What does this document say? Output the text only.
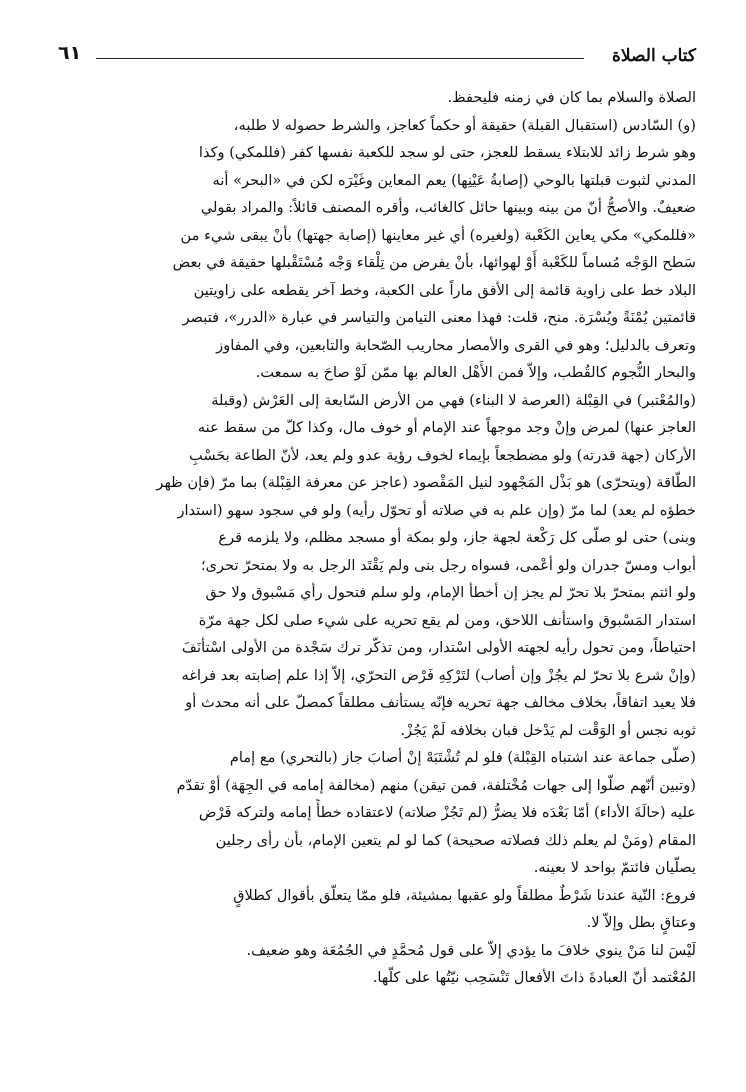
كتاب الصلاة
٦١
الصلاة والسلام بما كان في زمنه فليحفظ.
(و) السّادس (استقبال القبلة) حقيقة أو حكماً كعاجز، والشرط حصوله لا طلبه،
وهو شرط زائد للابتلاء يسقط للعجز، حتى لو سجد للكعبة نفسها كفر (فللمكي) وكذا
المدني لثبوت قبلتها بالوحي (إصابةُ عَيْنِها) يعم المعاين وغَيْرَه لكن في «البحر» أنه
ضعيفٌ. والأصحُّ أنّ من بينه وبينها حائل كالغائب، وأقره المصنف قائلاً: والمراد بقولي
«فللمكي» مكي يعاين الكَعْبة (ولغيره) أي غير معاينها (إصابة جهتها) بأنْ يبقى شيء من
سَطح الوَجْه مُساماً للكَعْبة أَوْ لهوائها، بأنْ يفرض من تِلْقاء وَجْه مُسْتَقْبلها حقيقة في بعض
البلاد خط على زاوية قائمة إلى الأفق ماراً على الكعبة، وخط آخر يقطعه على زاويتين
قائمتين يُمْنَةً ويُسْرَة. منح، قلت: فهذا معنى التيامن والتياسر في عبارة «الدرر»، فتبصر
وتعرف بالدليل؛ وهو في القرى والأمصار محاريب الصّحابة والتابعين، وفي المفاوز
والبحار النُّجوم كالقُطب، وإلاّ فمن الأَهْل العالم بها ممّن لَوْ صاحَ به سمعت.
(والمُعْتبر) في القِبْلة (العرصة لا البناء) فهي من الأرض السّابعة إلى العَرْش (وقبلة
العاجز عنها) لمرض وإنْ وجد موجهاً عند الإمام أو خوف مال، وكذا كلّ من سقط عنه
الأركان (جهة قدرته) ولو مضطجعاً بإيماء لخوف رؤية عدو ولم يعد، لأنّ الطاعة بحَسْبِ
الطّاقة (ويتحرّى) هو بَذْل المَجْهود لنيل المَقْصود (عاجز عن معرفة القِبْلة) بما مرّ (فإن ظهر
خطؤه لم يعد) لما مرّ (وإن علم به في صلاته أو تحوّل رأيه) ولو في سجود سهو (استدار
وبنى) حتى لو صلّى كل رَكْعة لجهة جاز، ولو بمكة أو مسجد مظلم، ولا يلزمه قرع
أبواب ومسّ جدران ولو أعْمى، فسواه رجل بنى ولم يَقْتَد الرجل به ولا بمتحرّ تحرى؛
ولو ائتم بمتحرّ بلا تحرّ لم يجز إن أخطأ الإمام، ولو سلم فتحول رأي مَسْبوق ولا حق
استدار المَسْبوق واستأنف اللاحق، ومن لم يقع تحريه على شيء صلى لكل جهة مرّة
احتياطاً، ومن تحول رأيه لجهته الأولى اسْتدار، ومن تذكّر ترك سَجْدة من الأولى اسْتأنَفَ
(وإنْ شرع بلا تحرّ لم يجُزْ وإن أصاب) لتَرْكِهِ فَرْض التحرّي، إلاّ إذا علم إصابته بعد فراغه
فلا يعيد اتفاقاً، بخلاف مخالف جهة تحريه فإنّه يستأنف مطلقاً كمصلّ على أنه محدث أو
ثوبه نجس أو الوَقْت لم يَدْخل فبان بخلافه لَمْ يَجُزْ.
(صلّى جماعة عند اشتباه القِبْلة) فلو لم تُشْتَبَهْ إنْ أصابَ جاز (بالتحري) مع إمام
(وتبين أنّهم صلّوا إلى جهات مُخْتلفة، فمن تيقن) منهم (مخالفة إمامه في الجِهَة) أوْ تقدّم
عليه (حالَةَ الأداء) أمّا بَعْدَه فلا يضرُّ (لم تَجُزْ صلاته) لاعتقاده خطأً إمامه ولتركه فَرْض
المقام (ومَنْ لم يعلم ذلك فصلاته صحيحة) كما لو لم يتعين الإمام، بأن رأى رجلين
يصلّيان فائتمّ بواحد لا بعينه.
فروع: النّية عندنا شَرْطٌ مطلقاً ولو عقبها بمشيئة، فلو ممّا يتعلّق بأقوال كطلاقٍ
وعتاقٍ بطل وإلاّ لا.
لَيْسَ لنا مَنْ ينوي خلافَ ما يؤدي إلاّ على قول مُحمَّدٍ في الجُمُعَة وهو ضعيف.
المُعْتمد أنّ العبادةَ ذاتَ الأفعال تَنْسَحِب نيّتُها على كلّها.
